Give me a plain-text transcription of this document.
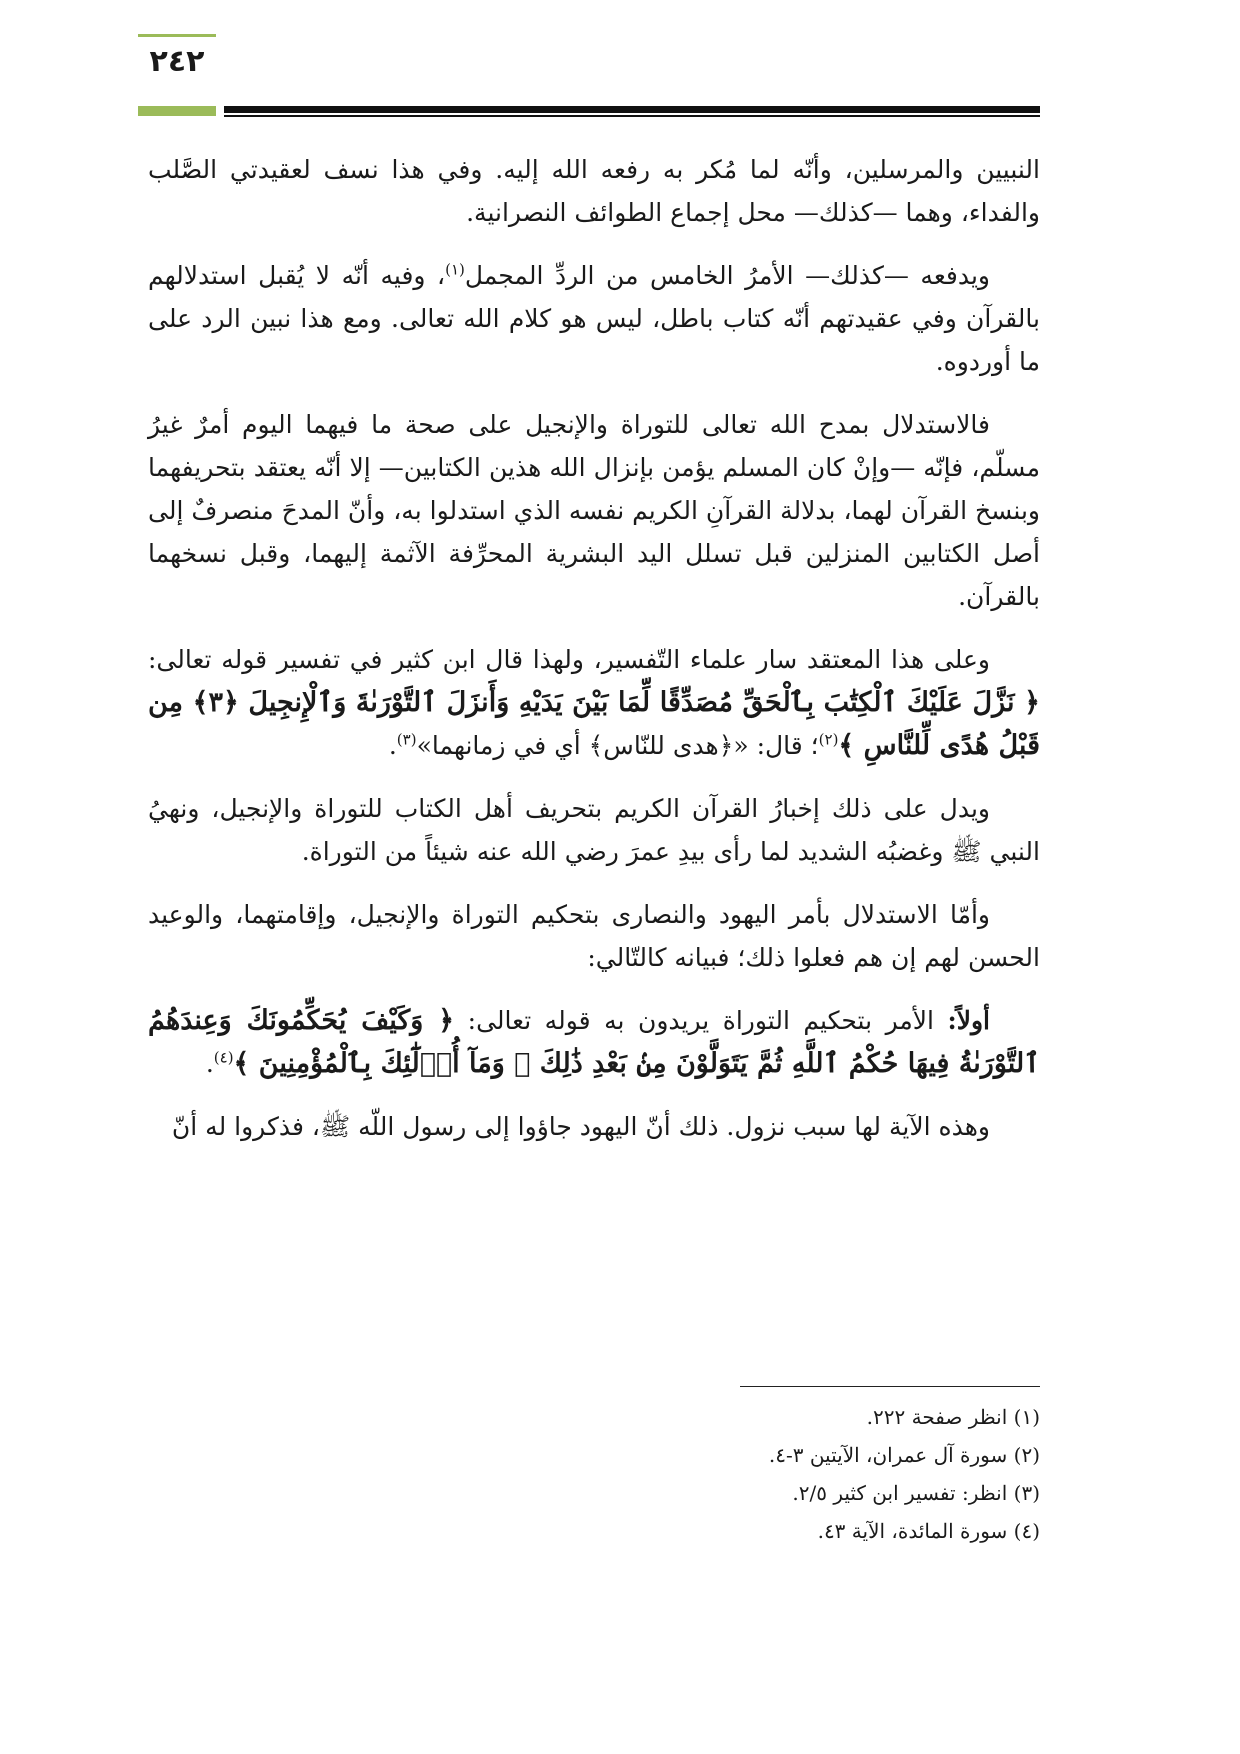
٢٤٢

النبيين والمرسلين، وأنّه لما مُكر به رفعه الله إليه. وفي هذا نسف لعقيدتي الصَّلب والفداء، وهما —كذلك— محل إجماع الطوائف النصرانية.

ويدفعه —كذلك— الأمرُ الخامس من الردِّ المجمل$^{(١)}$، وفيه أنّه لا يُقبل استدلالهم بالقرآن وفي عقيدتهم أنّه كتاب باطل، ليس هو كلام الله تعالى. ومع هذا نبين الرد على ما أوردوه.

فالاستدلال بمدح الله تعالى للتوراة والإنجيل على صحة ما فيهما اليوم أمرٌ غيرُ مسلّم، فإنّه —وإنْ كان المسلم يؤمن بإنزال الله هذين الكتابين— إلا أنّه يعتقد بتحريفهما وبنسخ القرآن لهما، بدلالة القرآنِ الكريم نفسه الذي استدلوا به، وأنّ المدحَ منصرفٌ إلى أصل الكتابين المنزلين قبل تسلل اليد البشرية المحرِّفة الآثمة إليهما، وقبل نسخهما بالقرآن.

وعلى هذا المعتقد سار علماء التّفسير، ولهذا قال ابن كثير في تفسير قوله تعالى: ﴿ نَزَّلَ عَلَيْكَ ٱلْكِتَٰبَ بِٱلْحَقِّ مُصَدِّقًا لِّمَا بَيْنَ يَدَيْهِ وَأَنزَلَ ٱلتَّوْرَىٰةَ وَٱلْإِنجِيلَ ﴿٣﴾ مِن قَبْلُ هُدًى لِّلنَّاسِ ﴾$^{(٢)}$؛ قال: «﴿هدى للنّاس﴾ أي في زمانهما»$^{(٣)}$.

ويدل على ذلك إخبارُ القرآن الكريم بتحريف أهل الكتاب للتوراة والإنجيل، ونهيُ النبي ﷺ وغضبُه الشديد لما رأى بيدِ عمرَ رضي الله عنه شيئاً من التوراة.

وأمّا الاستدلال بأمر اليهود والنصارى بتحكيم التوراة والإنجيل، وإقامتهما، والوعيد الحسن لهم إن هم فعلوا ذلك؛ فبيانه كالتّالي:

أولاً: الأمر بتحكيم التوراة يريدون به قوله تعالى: ﴿ وَكَيْفَ يُحَكِّمُونَكَ وَعِندَهُمُ ٱلتَّوْرَىٰةُ فِيهَا حُكْمُ ٱللَّهِ ثُمَّ يَتَوَلَّوْنَ مِنۢ بَعْدِ ذَٰلِكَ ۚ وَمَآ أُو۟لَٰٓئِكَ بِٱلْمُؤْمِنِينَ ﴾$^{(٤)}$.

وهذه الآية لها سبب نزول. ذلك أنّ اليهود جاؤوا إلى رسول اللّه ﷺ، فذكروا له أنّ

(١) انظر صفحة ٢٢٢.

(٢) سورة آل عمران، الآيتين ٣-٤.

(٣) انظر: تفسير ابن كثير ٢/٥.

(٤) سورة المائدة، الآية ٤٣.
